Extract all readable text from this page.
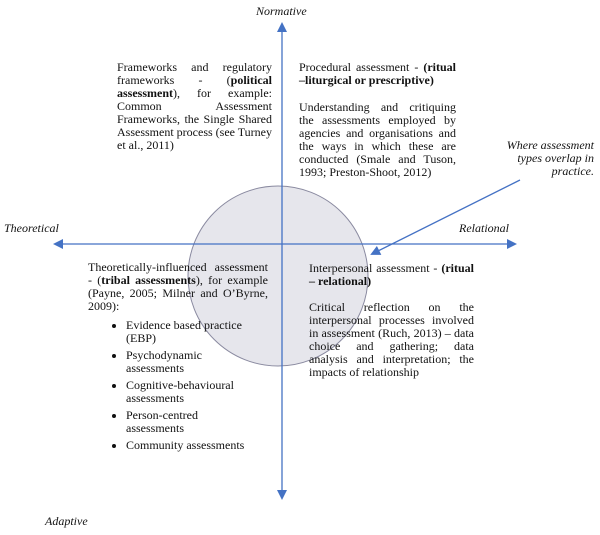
Normative
Adaptive
Theoretical	Relational
Frameworks and regulatory frameworks - (political assessment), for example: Common Assessment Frameworks, the Single Shared Assessment process (see Turney et al., 2011)

Procedural assessment - (ritual –liturgical or prescriptive)

Understanding and critiquing the assessments employed by agencies and organisations and the ways in which these are conducted (Smale and Tuson, 1993; Preston-Shoot, 2012)

Where assessment types overlap in practice.
Theoretically-influenced assessment - (tribal assessments), for example (Payne, 2005; Milner and O’Byrne, 2009):
• Evidence based practice (EBP)
• Psychodynamic assessments
• Cognitive-behavioural assessments
• Person-centred assessments
• Community assessments

Interpersonal assessment - (ritual – relational)

Critical reflection on the interpersonal processes involved in assessment (Ruch, 2013) – data choice and gathering; data analysis and interpretation; the impacts of relationship
